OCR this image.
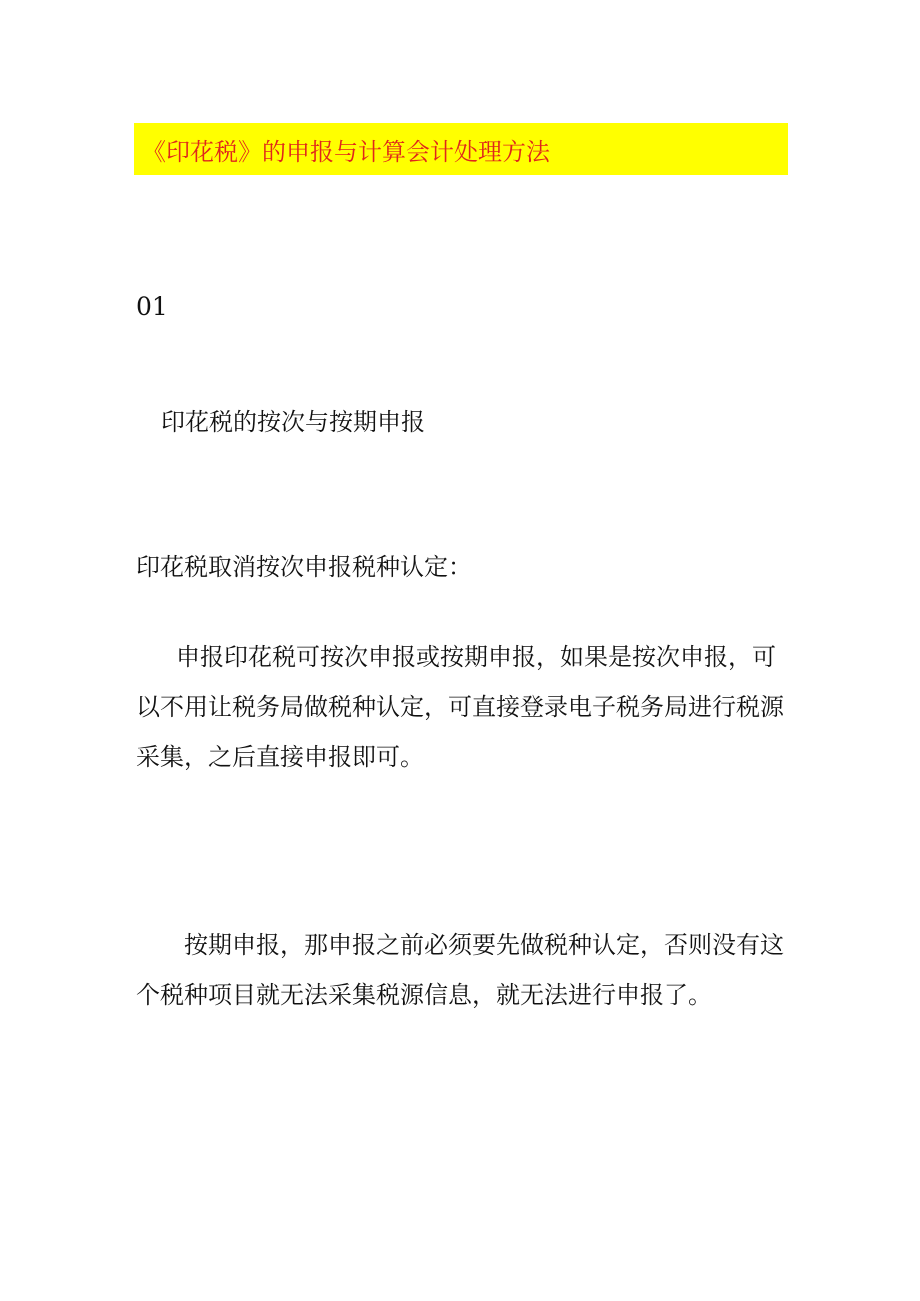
《印花税》的申报与计算会计处理方法
01
印花税的按次与按期申报
印花税取消按次申报税种认定：

申报印花税可按次申报或按期申报，如果是按次申报，可以不用让税务局做税种认定，可直接登录电子税务局进行税源采集，之后直接申报即可。

按期申报，那申报之前必须要先做税种认定，否则没有这个税种项目就无法采集税源信息，就无法进行申报了。
